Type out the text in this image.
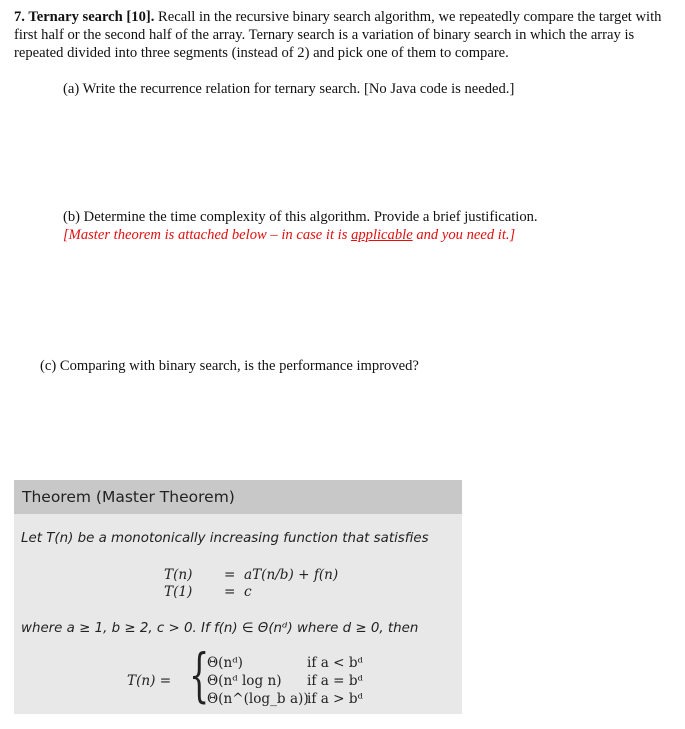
7. Ternary search [10]. Recall in the recursive binary search algorithm, we repeatedly compare the target with first half or the second half of the array. Ternary search is a variation of binary search in which the array is repeated divided into three segments (instead of 2) and pick one of them to compare.
(a) Write the recurrence relation for ternary search. [No Java code is needed.]
(b) Determine the time complexity of this algorithm. Provide a brief justification.
[Master theorem is attached below – in case it is applicable and you need it.]
(c) Comparing with binary search, is the performance improved?
Theorem (Master Theorem)
Let T(n) be a monotonically increasing function that satisfies
T(n) = aT(n/b) + f(n)
T(1) = c
where a ≥ 1, b ≥ 2, c > 0. If f(n) ∈ Θ(nᵈ) where d ≥ 0, then
T(n) = {
Θ(nᵈ)
Θ(nᵈ log n)
Θ(n^(log_b a))
if a < bᵈ
if a = bᵈ
if a > bᵈ
